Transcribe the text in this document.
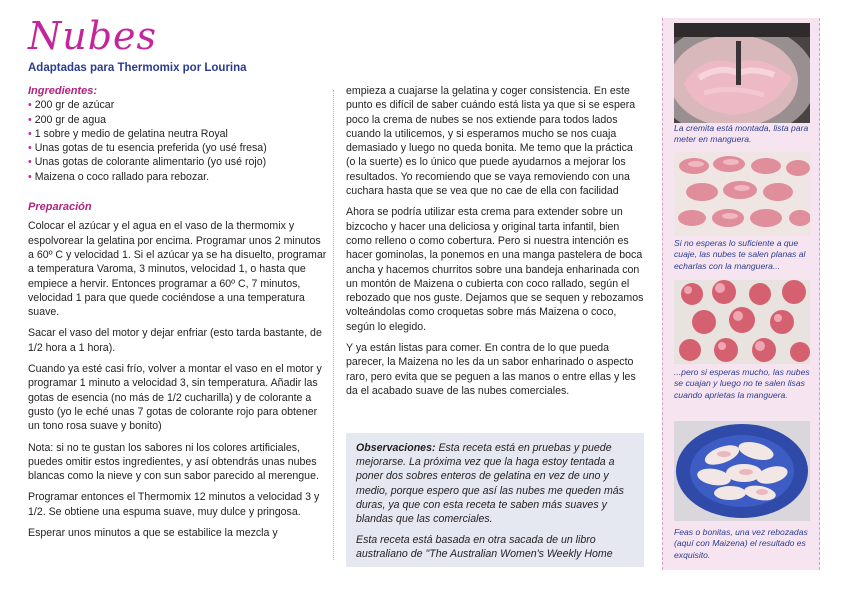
Nubes
Adaptadas para Thermomix por Lourina
Ingredientes:
• 200 gr de azúcar
• 200 gr de agua
• 1 sobre y medio de gelatina neutra Royal
• Unas gotas de tu esencia preferida (yo usé fresa)
• Unas gotas de colorante alimentario (yo usé rojo)
• Maizena o coco rallado para rebozar.
Preparación

Colocar el azúcar y el agua en el vaso de la thermomix y espolvorear la gelatina por encima. Programar unos 2 minutos a 60º C y velocidad 1. Si el azúcar ya se ha disuelto, programar a temperatura Varoma, 3 minutos, velocidad 1, o hasta que empiece a hervir. Entonces programar a 60º C, 7 minutos, velocidad 1 para que quede cociéndose a una temperatura suave.

Sacar el vaso del motor y dejar enfriar (esto tarda bastante, de 1/2 hora a 1 hora).

Cuando ya esté casi frío, volver a montar el vaso en el motor y programar 1 minuto a velocidad 3, sin temperatura. Añadir las gotas de esencia (no más de 1/2 cucharilla) y de colorante a gusto (yo le eché unas 7 gotas de colorante rojo para obtener un tono rosa suave y bonito)

Nota: si no te gustan los sabores ni los colores artificiales, puedes omitir estos ingredientes, y así obtendrás unas nubes blancas como la nieve y con sun sabor parecido al merengue.

Programar entonces el Thermomix 12 minutos a velocidad 3 y 1/2. Se obtiene una espuma suave, muy dulce y pringosa.

Esperar unos minutos a que se estabilice la mezcla y

empieza a cuajarse la gelatina y coger consistencia. En este punto es difícil de saber cuándo está lista ya que si se espera poco la crema de nubes se nos extiende para todos lados cuando la utilicemos, y si esperamos mucho se nos cuaja demasiado y luego no queda bonita. Me temo que la práctica (o la suerte) es lo único que puede ayudarnos a mejorar los resultados. Yo recomiendo que se vaya removiendo con una cuchara hasta que se vea que no cae de ella con facilidad

Ahora se podría utilizar esta crema para extender sobre un bizcocho y hacer una deliciosa y original tarta infantil, bien como relleno o como cobertura. Pero si nuestra intención es hacer gominolas, la ponemos en una manga pastelera de boca ancha y hacemos churritos sobre una bandeja enharinada con un montón de Maizena o cubierta con coco rallado, según el rebozado que nos guste. Dejamos que se sequen y rebozamos volteándolas como croquetas sobre más Maizena o coco, según lo elegido.

Y ya están listas para comer. En contra de lo que pueda parecer, la Maizena no les da un sabor enharinado o aspecto raro, pero evita que se peguen a las manos o entre ellas y les da el acabado suave de las nubes comerciales.

Observaciones: Esta receta está en pruebas y puede mejorarse. La próxima vez que la haga estoy tentada a poner dos sobres enteros de gelatina en vez de uno y medio, porque espero que así las nubes me queden más duras, ya que con esta receta te saben más suaves y blandas que las comerciales.

Esta receta está basada en otra sacada de un libro australiano de "The Australian Women's Weekly Home

La cremita está montada, lista para meter en manguera.
Si no esperas lo suficiente a que cuaje, las nubes te salen planas al echarlas con la manguera...
...pero si esperas mucho, las nubes se cuajan y luego no te salen lisas cuando aprietas la manguera.
Feas o bonitas, una vez rebozadas (aquí con Maizena) el resultado es exquisito.
